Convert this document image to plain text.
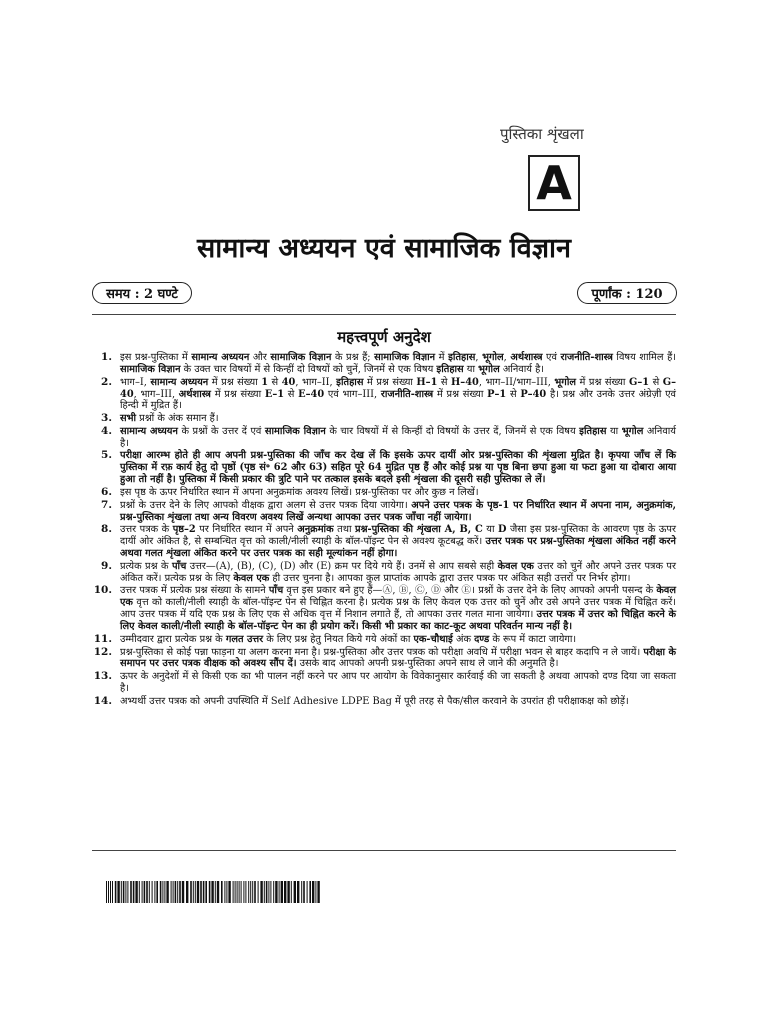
पुस्तिका शृंखला
A
सामान्य अध्ययन एवं सामाजिक विज्ञान
समय : 2 घण्टे	पूर्णांक : 120
महत्त्वपूर्ण अनुदेश
1. इस प्रश्न-पुस्तिका में सामान्य अध्ययन और सामाजिक विज्ञान के प्रश्न हैं; सामाजिक विज्ञान में इतिहास, भूगोल, अर्थशास्त्र एवं राजनीति-शास्त्र विषय शामिल हैं। सामाजिक विज्ञान के उक्त चार विषयों में से किन्हीं दो विषयों को चुनें, जिनमें से एक विषय इतिहास या भूगोल अनिवार्य है।
2. भाग–I, सामान्य अध्ययन में प्रश्न संख्या 1 से 40, भाग–II, इतिहास में प्रश्न संख्या H–1 से H–40, भाग–II/भाग–III, भूगोल में प्रश्न संख्या G–1 से G–40, भाग–III, अर्थशास्त्र में प्रश्न संख्या E–1 से E–40 एवं भाग–III, राजनीति-शास्त्र में प्रश्न संख्या P–1 से P–40 है। प्रश्न और उनके उत्तर अंग्रेज़ी एवं हिन्दी में मुद्रित हैं।
3. सभी प्रश्नों के अंक समान हैं।
4. सामान्य अध्ययन के प्रश्नों के उत्तर दें एवं सामाजिक विज्ञान के चार विषयों में से किन्हीं दो विषयों के उत्तर दें, जिनमें से एक विषय इतिहास या भूगोल अनिवार्य है।
5. परीक्षा आरम्भ होते ही आप अपनी प्रश्न-पुस्तिका की जाँच कर देख लें कि इसके ऊपर दायीं ओर प्रश्न-पुस्तिका की शृंखला मुद्रित है। कृपया जाँच लें कि पुस्तिका में रफ़ कार्य हेतु दो पृष्ठों (पृष्ठ सं॰ 62 और 63) सहित पूरे 64 मुद्रित पृष्ठ हैं और कोई प्रश्न या पृष्ठ बिना छपा हुआ या फटा हुआ या दोबारा आया हुआ तो नहीं है। पुस्तिका में किसी प्रकार की त्रुटि पाने पर तत्काल इसके बदले इसी शृंखला की दूसरी सही पुस्तिका ले लें।
6. इस पृष्ठ के ऊपर निर्धारित स्थान में अपना अनुक्रमांक अवश्य लिखें। प्रश्न-पुस्तिका पर और कुछ न लिखें।
7. प्रश्नों के उत्तर देने के लिए आपको वीक्षक द्वारा अलग से उत्तर पत्रक दिया जायेगा। अपने उत्तर पत्रक के पृष्ठ-1 पर निर्धारित स्थान में अपना नाम, अनुक्रमांक, प्रश्न-पुस्तिका शृंखला तथा अन्य विवरण अवश्य लिखें अन्यथा आपका उत्तर पत्रक जाँचा नहीं जायेगा।
8. उत्तर पत्रक के पृष्ठ–2 पर निर्धारित स्थान में अपने अनुक्रमांक तथा प्रश्न-पुस्तिका की शृंखला A, B, C या D जैसा इस प्रश्न-पुस्तिका के आवरण पृष्ठ के ऊपर दायीं ओर अंकित है, से सम्बन्धित वृत्त को काली/नीली स्याही के बॉल-पॉइन्ट पेन से अवश्य कूटबद्ध करें। उत्तर पत्रक पर प्रश्न-पुस्तिका शृंखला अंकित नहीं करने अथवा गलत शृंखला अंकित करने पर उत्तर पत्रक का सही मूल्यांकन नहीं होगा।
9. प्रत्येक प्रश्न के पाँच उत्तर—(A), (B), (C), (D) और (E) क्रम पर दिये गये हैं। उनमें से आप सबसे सही केवल एक उत्तर को चुनें और अपने उत्तर पत्रक पर अंकित करें। प्रत्येक प्रश्न के लिए केवल एक ही उत्तर चुनना है। आपका कुल प्राप्तांक आपके द्वारा उत्तर पत्रक पर अंकित सही उत्तरों पर निर्भर होगा।
10. उत्तर पत्रक में प्रत्येक प्रश्न संख्या के सामने पाँच वृत्त इस प्रकार बने हुए हैं—Ⓐ, Ⓑ, Ⓒ, Ⓓ और Ⓔ। प्रश्नों के उत्तर देने के लिए आपको अपनी पसन्द के केवल एक वृत्त को काली/नीली स्याही के बॉल-पॉइन्ट पेन से चिह्नित करना है। प्रत्येक प्रश्न के लिए केवल एक उत्तर को चुनें और उसे अपने उत्तर पत्रक में चिह्नित करें। आप उत्तर पत्रक में यदि एक प्रश्न के लिए एक से अधिक वृत्त में निशान लगाते हैं, तो आपका उत्तर गलत माना जायेगा। उत्तर पत्रक में उत्तर को चिह्नित करने के लिए केवल काली/नीली स्याही के बॉल-पॉइन्ट पेन का ही प्रयोग करें। किसी भी प्रकार का काट-कूट अथवा परिवर्तन मान्य नहीं है।
11. उम्मीदवार द्वारा प्रत्येक प्रश्न के गलत उत्तर के लिए प्रश्न हेतु नियत किये गये अंकों का एक-चौथाई अंक दण्ड के रूप में काटा जायेगा।
12. प्रश्न-पुस्तिका से कोई पन्ना फाड़ना या अलग करना मना है। प्रश्न-पुस्तिका और उत्तर पत्रक को परीक्षा अवधि में परीक्षा भवन से बाहर कदापि न ले जायें। परीक्षा के समापन पर उत्तर पत्रक वीक्षक को अवश्य सौंप दें। उसके बाद आपको अपनी प्रश्न-पुस्तिका अपने साथ ले जाने की अनुमति है।
13. ऊपर के अनुदेशों में से किसी एक का भी पालन नहीं करने पर आप पर आयोग के विवेकानुसार कार्रवाई की जा सकती है अथवा आपको दण्ड दिया जा सकता है।
14. अभ्यर्थी उत्तर पत्रक को अपनी उपस्थिति में Self Adhesive LDPE Bag में पूरी तरह से पैक/सील करवाने के उपरांत ही परीक्षाकक्ष को छोड़ें।
